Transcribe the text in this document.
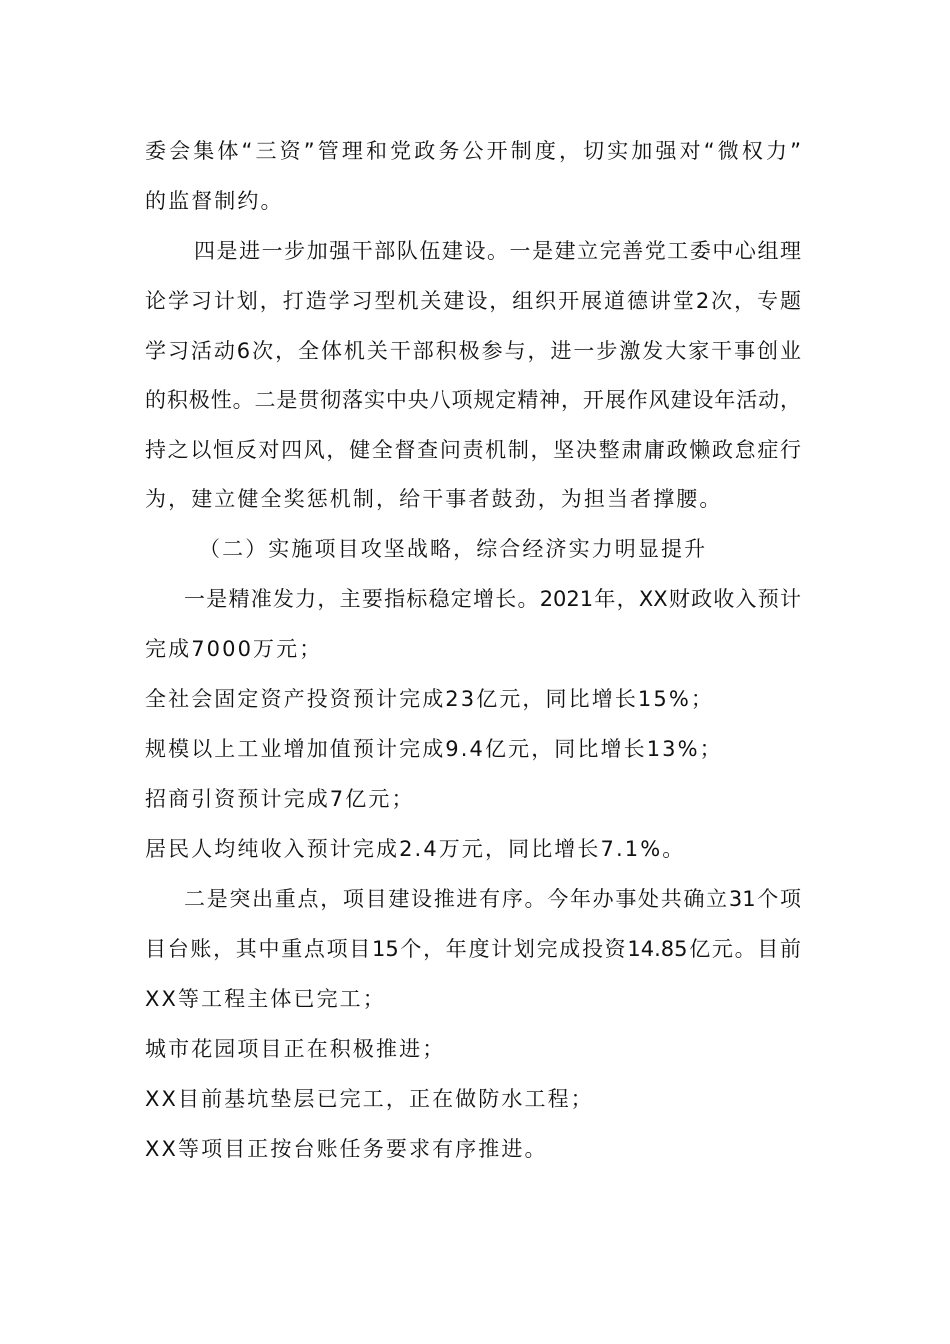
委会集体“三资”管理和党政务公开制度，切实加强对“微权力”
的监督制约。
四是进一步加强干部队伍建设。一是建立完善党工委中心组理
论学习计划，打造学习型机关建设，组织开展道德讲堂2次，专题
学习活动6次，全体机关干部积极参与，进一步激发大家干事创业
的积极性。二是贯彻落实中央八项规定精神，开展作风建设年活动，
持之以恒反对四风，健全督查问责机制，坚决整肃庸政懒政怠症行
为，建立健全奖惩机制，给干事者鼓劲，为担当者撑腰。
（二）实施项目攻坚战略，综合经济实力明显提升
一是精准发力，主要指标稳定增长。2021年，XX财政收入预计
完成7000万元；
全社会固定资产投资预计完成23亿元，同比增长15%；
规模以上工业增加值预计完成9.4亿元，同比增长13%；
招商引资预计完成7亿元；
居民人均纯收入预计完成2.4万元，同比增长7.1%。
二是突出重点，项目建设推进有序。今年办事处共确立31个项
目台账，其中重点项目15个，年度计划完成投资14.85亿元。目前
XX等工程主体已完工；
城市花园项目正在积极推进；
XX目前基坑垫层已完工，正在做防水工程；
XX等项目正按台账任务要求有序推进。
